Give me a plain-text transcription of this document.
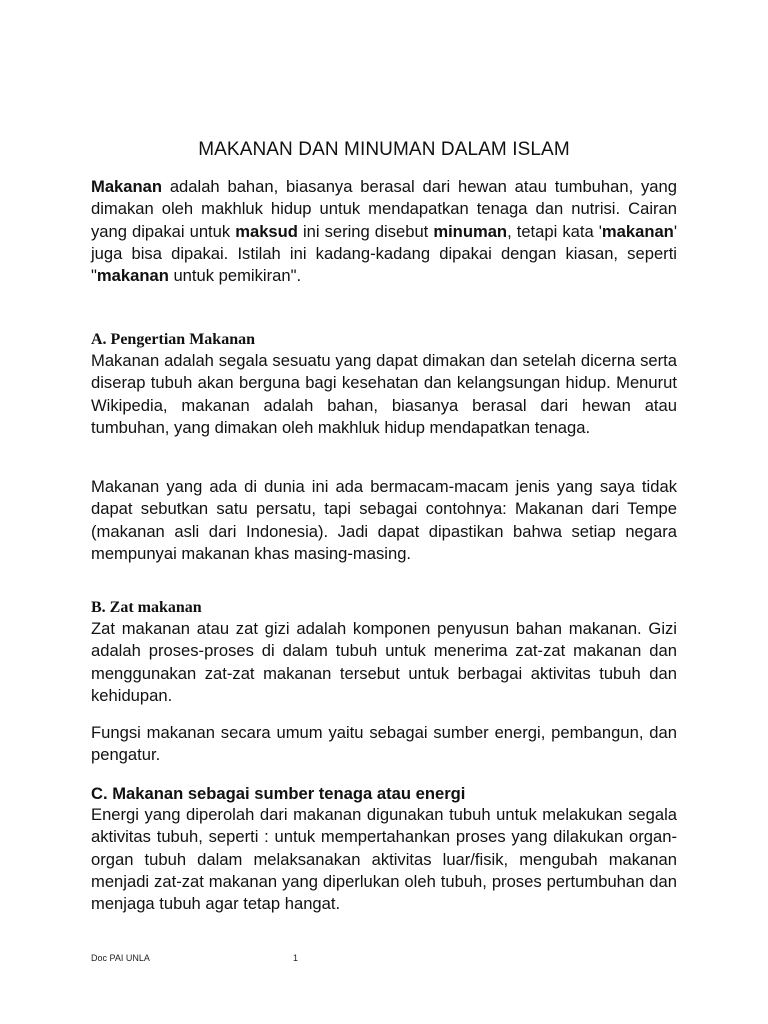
MAKANAN DAN MINUMAN DALAM ISLAM

Makanan adalah bahan, biasanya berasal dari hewan atau tumbuhan, yang dimakan oleh makhluk hidup untuk mendapatkan tenaga dan nutrisi. Cairan yang dipakai untuk maksud ini sering disebut minuman, tetapi kata 'makanan' juga bisa dipakai. Istilah ini kadang-kadang dipakai dengan kiasan, seperti "makanan untuk pemikiran".

A. Pengertian Makanan

Makanan adalah segala sesuatu yang dapat dimakan dan setelah dicerna serta diserap tubuh akan berguna bagi kesehatan dan kelangsungan hidup. Menurut Wikipedia, makanan adalah bahan, biasanya berasal dari hewan atau tumbuhan, yang dimakan oleh makhluk hidup mendapatkan tenaga.

Makanan yang ada di dunia ini ada bermacam-macam jenis yang saya tidak dapat sebutkan satu persatu, tapi sebagai contohnya: Makanan dari Tempe (makanan asli dari Indonesia). Jadi dapat dipastikan bahwa setiap negara mempunyai makanan khas masing-masing.

B. Zat makanan

Zat makanan atau zat gizi adalah komponen penyusun bahan makanan. Gizi adalah proses-proses di dalam tubuh untuk menerima zat-zat makanan dan menggunakan zat-zat makanan tersebut untuk berbagai aktivitas tubuh dan kehidupan.

Fungsi makanan secara umum yaitu sebagai sumber energi, pembangun, dan pengatur.

C. Makanan sebagai sumber tenaga atau energi

Energi yang diperolah dari makanan digunakan tubuh untuk melakukan segala aktivitas tubuh, seperti : untuk mempertahankan proses yang dilakukan organ-organ tubuh dalam melaksanakan aktivitas luar/fisik, mengubah makanan menjadi zat-zat makanan yang diperlukan oleh tubuh, proses pertumbuhan dan menjaga tubuh agar tetap hangat.

Doc PAI UNLA	1
